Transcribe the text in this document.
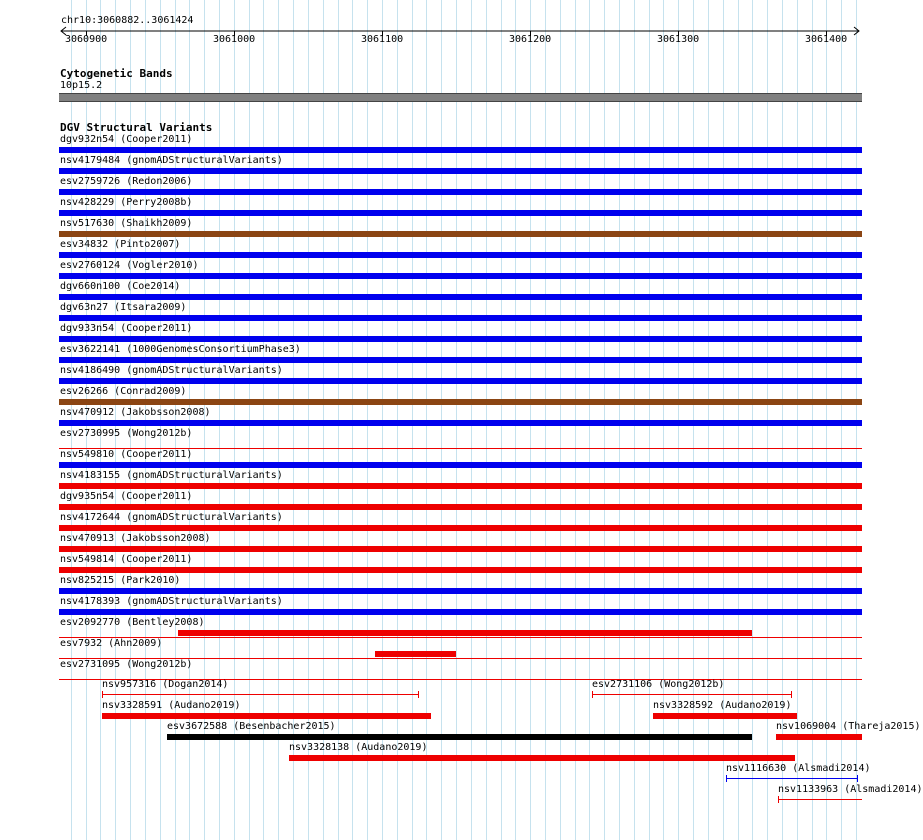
chr10:3060882..3061424
3060900	3061000	3061100	3061200	3061300	3061400
Cytogenetic Bands
10p15.2
DGV Structural Variants
dgv932n54 (Cooper2011)
nsv4179484 (gnomADStructuralVariants)
esv2759726 (Redon2006)
nsv428229 (Perry2008b)
nsv517630 (Shaikh2009)
esv34832 (Pinto2007)
esv2760124 (Vogler2010)
dgv660n100 (Coe2014)
dgv63n27 (Itsara2009)
dgv933n54 (Cooper2011)
esv3622141 (1000GenomesConsortiumPhase3)
nsv4186490 (gnomADStructuralVariants)
esv26266 (Conrad2009)
nsv470912 (Jakobsson2008)
esv2730995 (Wong2012b)
nsv549810 (Cooper2011)
nsv4183155 (gnomADStructuralVariants)
dgv935n54 (Cooper2011)
nsv4172644 (gnomADStructuralVariants)
nsv470913 (Jakobsson2008)
nsv549814 (Cooper2011)
nsv825215 (Park2010)
nsv4178393 (gnomADStructuralVariants)
esv2092770 (Bentley2008)
esv7932 (Ahn2009)
esv2731095 (Wong2012b)
nsv957316 (Dogan2014)	esv2731106 (Wong2012b)
nsv3328591 (Audano2019)	nsv3328592 (Audano2019)
esv3672588 (Besenbacher2015)	nsv1069004 (Thareja2015)
nsv3328138 (Audano2019)
nsv1116630 (Alsmadi2014)
nsv1133963 (Alsmadi2014)
